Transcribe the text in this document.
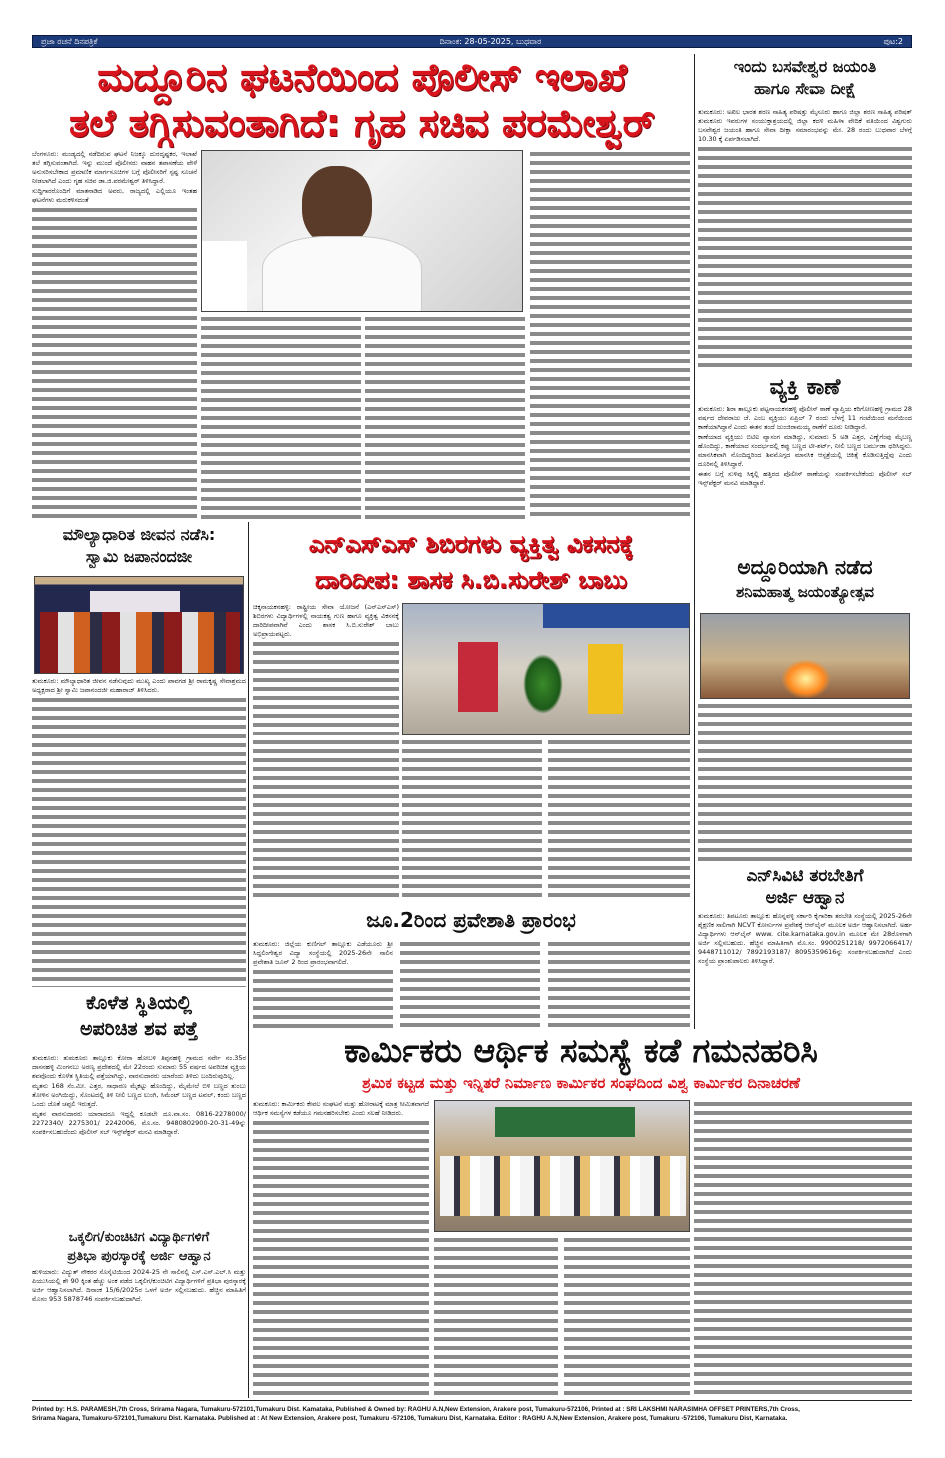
ಪ್ರಜಾ ರಚನೆ ದಿನಪತ್ರಿಕೆ	ದಿನಾಂಕ: 28-05-2025, ಬುಧವಾರ	ಪುಟ:2
ಮದ್ದೂರಿನ ಘಟನೆಯಿಂದ ಪೊಲೀಸ್ ಇಲಾಖೆ
ತಲೆ ತಗ್ಗಿಸುವಂತಾಗಿದೆ: ಗೃಹ ಸಚಿವ ಪರಮೇಶ್ವರ್

ಬೆಂಗಳೂರು: ಮಂಡ್ಯದಲ್ಲಿ ನಡೆದಿರುವ ಘಟನೆ ನಿಜಕ್ಕೂ ದುರದೃಷ್ಟಕರ, ಇಲಾಖೆ ತಲೆ ತಗ್ಗಿಸುವಂತಾಗಿದೆ. ಇನ್ನು ಮುಂದೆ ಪೊಲೀಸರು ವಾಹನ ತಪಾಸಣೆಯ ವೇಳೆ ಅನುಸರಿಸಬೇಕಾದ ಪ್ರಮಾಣಿಕ ಮಾರ್ಗಸೂಚಿಗಳ ಬಗ್ಗೆ ಪೊಲೀಸರಿಗೆ ಸ್ಪಷ್ಟ ಸೂಚನೆ ನೀಡಲಾಗಿದೆ ಎಂದು ಗೃಹ ಸಚಿವ ಡಾ.ಜಿ.ಪರಮೇಶ್ವರ್ ತಿಳಿಸಿದ್ದಾರೆ.

ಸುದ್ದಿಗಾರರೊಂದಿಗೆ ಮಾತನಾಡಿದ ಅವರು, ರಾಜ್ಯದಲ್ಲಿ ಎಲ್ಲಿಯೂ ಇಂತಹ ಘಟನೆಗಳು ಮರುಕಳಿಸದಂತೆ

ಇಂದು ಬಸವೇಶ್ವರ ಜಯಂತಿ
ಹಾಗೂ ಸೇವಾ ದೀಕ್ಷೆ

ತುಮಕೂರು: ಅಖಿಲ ಭಾರತ ಶರಣ ಸಾಹಿತ್ಯ ಪರಿಷತ್ತು ಮೈಸೂರು ಹಾಗೂ ಜಿಲ್ಲಾ ಶರಣ ಸಾಹಿತ್ಯ ಪರಿಷತ್ ತುಮಕೂರು ಇವರುಗಳ ಸಂಯುಕ್ತಾಶ್ರಯದಲ್ಲಿ ಜಿಲ್ಲಾ ಕದಳಿ ಮಹಿಳಾ ವೇದಿಕೆ ವತಿಯಿಂದ ವಿಶ್ವಗುರು ಬಸವೇಶ್ವರ ಜಯಂತಿ ಹಾಗೂ ಸೇವಾ ದೀಕ್ಷಾ ಸಮಾರಂಭವನ್ನು ಮೇ. 28 ರಂದು ಬುಧವಾರ ಬೆಳಗ್ಗೆ 10.30 ಕ್ಕೆ ಏರ್ಪಡಿಸಲಾಗಿದೆ.

ವ್ಯಕ್ತಿ ಕಾಣೆ

ತುಮಕೂರು: ಶಿರಾ ತಾಲ್ಲೂಕು ಪಟ್ಟನಾಯಕನಹಳ್ಳಿ ಪೊಲೀಸ್ ಠಾಣೆ ವ್ಯಾಪ್ತಿಯ ಕರಿಗೋಣಹಳ್ಳಿ ಗ್ರಾಮದ 28 ವರ್ಷದ ದೇವರಾಜು ಜೆ. ಎಂಬ ವ್ಯಕ್ತಿಯು ಏಪ್ರಿಲ್ 7 ರಂದು ಬೆಳಗ್ಗೆ 11 ಗಂಟೆಯಿಂದ ಮನೆಯಿಂದ ಕಾಣೆಯಾಗಿದ್ದಾನೆ ಎಂದು ಈತನ ತಂದೆ ಜುಂಜಿರಾಮಯ್ಯ ಠಾಣೆಗೆ ದೂರು ನೀಡಿದ್ದಾರೆ.

ಕಾಣೆಯಾದ ವ್ಯಕ್ತಿಯು ಬಿಟಿಐ ವ್ಯಾಸಂಗ ಮಾಡಿದ್ದು, ಸುಮಾರು 5 ಅಡಿ ಎತ್ತರ, ಎಣ್ಣೆಗೆಂಪು ಮೈಬಣ್ಣ ಹೊಂದಿದ್ದು, ಕಾಣೆಯಾದ ಸಂದರ್ಭದಲ್ಲಿ ಕಪ್ಪು ಬಣ್ಣದ ಟೀ-ಶರ್ಟ್, ನೀಲಿ ಬಣ್ಣದ ಬರ್ಮುಡಾ ಧರಿಸಿದ್ದನು. ಮಾನಸಿಕವಾಗಿ ನೊಂದಿದ್ದರಿಂದ ಶಿವಮೊಗ್ಗದ ಮಾನಸಿಕ ಆಸ್ಪತ್ರೆಯಲ್ಲಿ ಚಿಕಿತ್ಸೆ ಕೊಡಿಸುತ್ತಿದ್ದೆವು ಎಂದು ದೂರಿನಲ್ಲಿ ತಿಳಿಸಿದ್ದಾರೆ.

ಈತನ ಬಗ್ಗೆ ಸುಳಿವು ಸಿಕ್ಕಲ್ಲಿ ಹತ್ತಿರದ ಪೊಲೀಸ್ ಠಾಣೆಯನ್ನು ಸಂಪರ್ಕಿಸಬೇಕೆಂದು ಪೊಲೀಸ್ ಸಬ್ ಇನ್ಸ್‌ಪೆಕ್ಟರ್ ಮನವಿ ಮಾಡಿದ್ದಾರೆ.

ಅದ್ದೂರಿಯಾಗಿ ನಡೆದ
ಶನಿಮಹಾತ್ಮ ಜಯಂತ್ಯೋತ್ಸವ
ಎನ್‌ಸಿವಿಟಿ ತರಬೇತಿಗೆ
ಅರ್ಜಿ ಆಹ್ವಾನ

ತುಮಕೂರು: ತಿಪಟೂರು ತಾಲ್ಲೂಕು ಹೊನ್ನವಳ್ಳಿ ಸರ್ಕಾರಿ ಕೈಗಾರಿಕಾ ತರಬೇತಿ ಸಂಸ್ಥೆಯಲ್ಲಿ 2025-26ನೇ ಶೈಕ್ಷಣಿಕ ಸಾಲಿಗಾಗಿ NCVT ಕೋರ್ಸುಗಳ ಪ್ರವೇಶಕ್ಕೆ ಆನ್‌ಲೈನ್ ಮೂಲಕ ಅರ್ಜಿ ಆಹ್ವಾನಿಸಲಾಗಿದೆ. ಅರ್ಹ ವಿದ್ಯಾರ್ಥಿಗಳು ಆನ್‌ಲೈನ್ www. cite.karnataka.gov.in ಮೂಲಕ ಮೇ 28ರೊಳಗಾಗಿ ಅರ್ಜಿ ಸಲ್ಲಿಸಬಹುದು. ಹೆಚ್ಚಿನ ಮಾಹಿತಿಗಾಗಿ ಮೊ.ಸಂ. 9900251218/ 9972066417/ 9448711012/ 7892193187/ 8095359616ನ್ನು ಸಂಪರ್ಕಿಸಬಹುದಾಗಿದೆ ಎಂದು ಸಂಸ್ಥೆಯ ಪ್ರಾಂಶುಪಾಲರು ತಿಳಿಸಿದ್ದಾರೆ.

ಮೌಲ್ಯಾಧಾರಿತ ಜೀವನ ನಡೆಸಿ:
ಸ್ವಾಮಿ ಜಪಾನಂದಜೀ

ತುಮಕೂರು: ಮೌಲ್ಯಾಧಾರಿತ ಜೀವನ ನಡೆಸುವುದು ಮುಖ್ಯ ಎಂದು ಪಾವಗಡ ಶ್ರೀ ರಾಮಕೃಷ್ಣ ಸೇವಾಶ್ರಮದ ಅಧ್ಯಕ್ಷರಾದ ಶ್ರೀ ಸ್ವಾಮಿ ಜಪಾನಂದಜೀ ಮಹಾರಾಜ್ ತಿಳಿಸಿದರು.

ಕೊಳೆತ ಸ್ಥಿತಿಯಲ್ಲಿ
ಅಪರಿಚಿತ ಶವ ಪತ್ತೆ

ತುಮಕೂರು: ತುಮಕೂರು ತಾಲ್ಲೂಕು ಕೋರಾ ಹೋಬಳಿ ತಿಪ್ಪನಹಳ್ಳಿ ಗ್ರಾಮದ ಸರ್ವೇ ನಂ.35ರ ದಾಸನಹಳ್ಳಿ ಮಿಂಗನಬು ಅರಣ್ಯ ಪ್ರದೇಶದಲ್ಲಿ ಮೇ 22ರಂದು ಸುಮಾರು 55 ವರ್ಷದ ಅಪರಿಚಿತ ವ್ಯಕ್ತಿಯ ಶವವೊಂದು ಕೊಳೆತ ಸ್ಥಿತಿಯಲ್ಲಿ ಪತ್ತೆಯಾಗಿದ್ದು, ವಾರಸುದಾರರು ಯಾರೆಂದು ತಿಳಿದು ಬಂದಿರುವುದಿಲ್ಲ.

ಮೃತನು 168 ಸೆಂ.ಮೀ. ಎತ್ತರ, ಸಾಧಾರಣ ಮೈಕಟ್ಟು ಹೊಂದಿದ್ದು, ಮೈಮೇಲೆ ಬಿಳಿ ಬಣ್ಣದ ತುಂಬು ತೋಳಿನ ಅಂಗಿಯಿದ್ದು, ಸೊಂಟದಲ್ಲಿ ತಿಳಿ ನೀಲಿ ಬಣ್ಣದ ಲುಂಗಿ, ಸಿಮೆಂಟ್ ಬಣ್ಣದ ಟವಲ್, ಕಂದು ಬಣ್ಣದ ಒಂದು ಜೊತೆ ಚಪ್ಪಲಿ ಇರುತ್ತದೆ.

ಮೃತನ ವಾರಸುದಾರರು ಯಾರಾದರೂ ಇದ್ದಲ್ಲಿ ಕೂಡಲೇ ದೂ.ವಾ.ಸಂ. 0816-2278000/ 2272340/ 2275301/ 2242006, ಮೊ.ಸಂ. 9480802900-20-31-49ನ್ನು ಸಂಪರ್ಕಿಸಬಹುದೆಂದು ಪೊಲೀಸ್ ಸಬ್ ಇನ್ಸ್‌ಪೆಕ್ಟರ್ ಮನವಿ ಮಾಡಿದ್ದಾರೆ.

ಒಕ್ಕಲಿಗ/ಕುಂಚಿಟಿಗ ವಿದ್ಯಾರ್ಥಿಗಳಿಗೆ
ಪ್ರತಿಭಾ ಪುರಸ್ಕಾರಕ್ಕೆ ಅರ್ಜಿ ಆಹ್ವಾನ

ಹುಳಿಯಾರು: ವಿದ್ಯುತ್ ನೌಕರರ ಸೊಸೈಟಿಯಿಂದ 2024-25 ನೇ ಸಾಲಿನಲ್ಲಿ ಎಸ್.ಎಸ್.ಎಲ್.ಸಿ ಮತ್ತು ಪಿಯುಸಿಯಲ್ಲಿ ಶೇ 90 ಕ್ಕಿಂತ ಹೆಚ್ಚು ಅಂಕ ಪಡೆದ ಒಕ್ಕಲಿಗ/ಕುಂಚಿಟಿಗ ವಿದ್ಯಾರ್ಥಿಗಳಿಗೆ ಪ್ರತಿಭಾ ಪುರಸ್ಕಾರಕ್ಕೆ ಅರ್ಜಿ ಆಹ್ವಾನಿಸಲಾಗಿದೆ. ದಿನಾಂಕ 15/6/2025ರ ಒಳಗೆ ಅರ್ಜಿ ಸಲ್ಲಿಸಬಹುದು. ಹೆಚ್ಚಿನ ಮಾಹಿತಿಗೆ ಮೊಸಂ 953 5878746 ಸಂಪರ್ಕಿಸಬಹುದಾಗಿದೆ.

ಎನ್‌ಎಸ್‌ಎಸ್ ಶಿಬಿರಗಳು ವ್ಯಕ್ತಿತ್ವ ವಿಕಸನಕ್ಕೆ
ದಾರಿದೀಪ: ಶಾಸಕ ಸಿ.ಬಿ.ಸುರೇಶ್ ಬಾಬು

ಚಿಕ್ಕನಾಯಕನಹಳ್ಳಿ: ರಾಷ್ಟ್ರೀಯ ಸೇವಾ ಯೋಜನೆ (ಎನ್‌ಎಸ್‌ಎಸ್) ಶಿಬಿರಗಳು ವಿದ್ಯಾರ್ಥಿಗಳಲ್ಲಿ ನಾಯಕತ್ವ ಗುಣ ಹಾಗೂ ವ್ಯಕ್ತಿತ್ವ ವಿಕಸನಕ್ಕೆ ದಾರಿದೀಪವಾಗಿವೆ ಎಂದು ಶಾಸಕ ಸಿ.ಬಿ.ಸುರೇಶ್ ಬಾಬು ಅಭಿಪ್ರಾಯಪಟ್ಟರು.

ಜೂ.2ರಿಂದ ಪ್ರವೇಶಾತಿ ಪ್ರಾರಂಭ

ತುಮಕೂರು: ಜಿಲ್ಲೆಯ ಕುಣಿಗಲ್ ತಾಲ್ಲೂಕು ಎಡೆಯೂರು ಶ್ರೀ ಸಿದ್ದಲಿಂಗೇಶ್ವರ ವಿದ್ಯಾ ಸಂಸ್ಥೆಯಲ್ಲಿ 2025-26ನೇ ಸಾಲಿನ ಪ್ರವೇಶಾತಿ ಜೂನ್ 2 ರಿಂದ ಪ್ರಾರಂಭವಾಗಲಿದೆ.

ಕಾರ್ಮಿಕರು ಆರ್ಥಿಕ ಸಮಸ್ಯೆ ಕಡೆ ಗಮನಹರಿಸಿ
ಶ್ರಮಿಕ ಕಟ್ಟಡ ಮತ್ತು ಇನ್ನಿತರೆ ನಿರ್ಮಾಣ ಕಾರ್ಮಿಕರ ಸಂಘದಿಂದ ವಿಶ್ವ ಕಾರ್ಮಿಕರ ದಿನಾಚರಣೆ

ತುಮಕೂರು: ಕಾರ್ಮಿಕರು ಕೇವಲ ಸಂಘಟನೆ ಮತ್ತು ಹೋರಾಟಕ್ಕೆ ಮಾತ್ರ ಸೀಮಿತವಾಗದೆ ಆರ್ಥಿಕ ಸಮಸ್ಯೆಗಳ ಕಡೆಯೂ ಗಮನಹರಿಸಬೇಕು ಎಂದು ಸಲಹೆ ನೀಡಿದರು.

Printed by: H.S. PARAMESH,7th Cross, Srirama Nagara, Tumakuru-572101,Tumakuru Dist. Kamataka, Published & Owned by: RAGHU A.N,New Extension, Arakere post, Tumakuru-572106, Printed at : SRI LAKSHMI NARASIMHA OFFSET PRINTERS,7th Cross,
Srirama Nagara, Tumakuru-572101,Tumakuru Dist. Karnataka. Published at : At New Extension, Arakere post, Tumakuru -572106, Tumakuru Dist, Karnataka. Editor : RAGHU A.N,New Extension, Arakere post, Tumakuru -572106, Tumakuru Dist, Karnataka.
